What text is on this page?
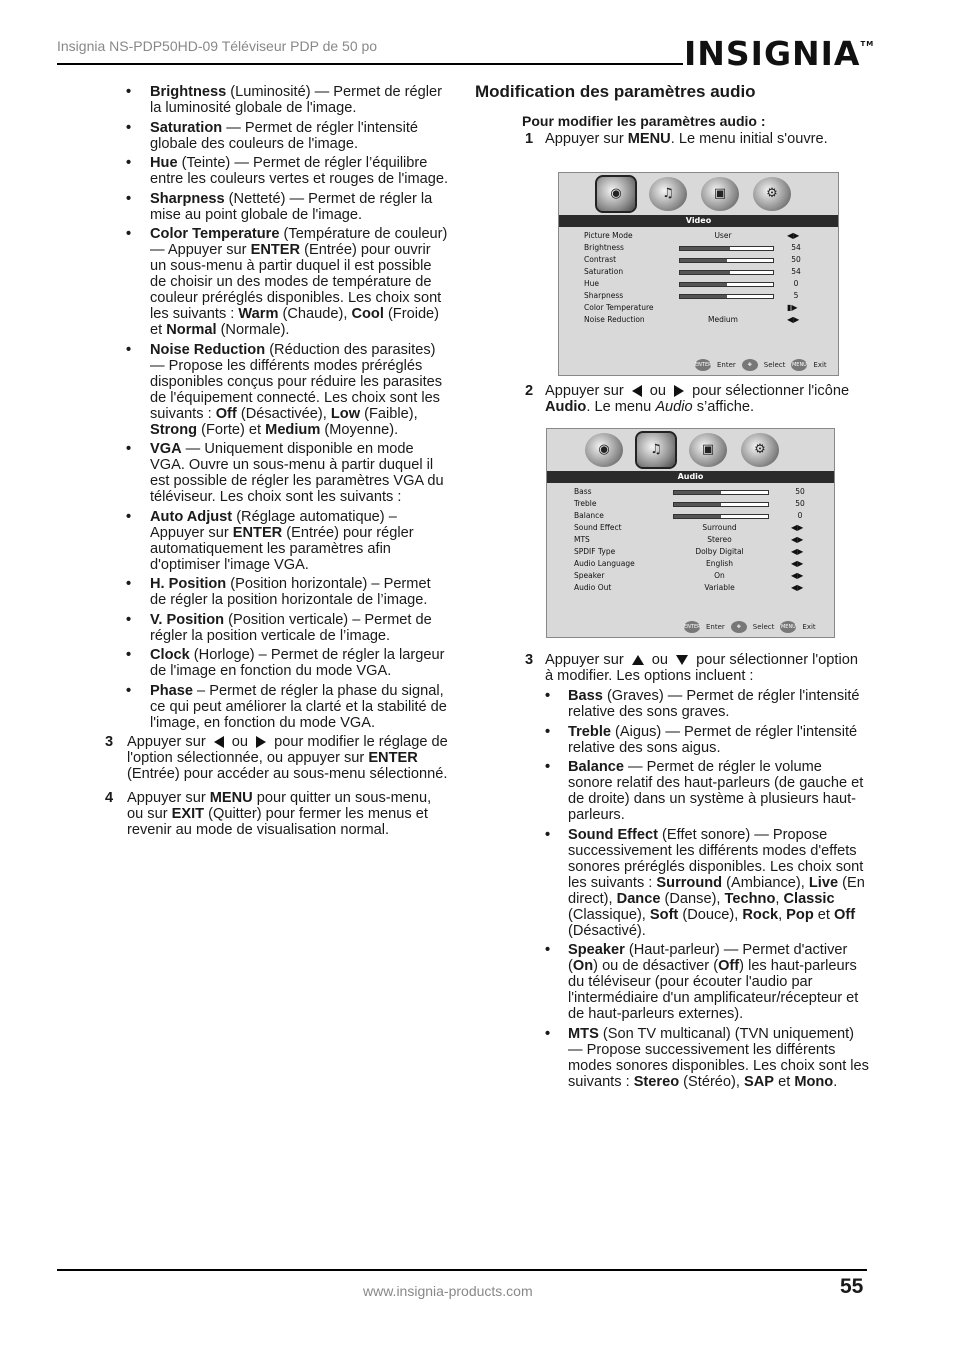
Insignia NS-PDP50HD-09 Téléviseur PDP de 50 po	INSIGNIA™
• Brightness (Luminosité) — Permet de régler la luminosité globale de l'image.
• Saturation — Permet de régler l'intensité globale des couleurs de l'image.
• Hue (Teinte) — Permet de régler l’équilibre entre les couleurs vertes et rouges de l'image.
• Sharpness (Netteté) — Permet de régler la mise au point globale de l'image.
• Color Temperature (Température de couleur) — Appuyer sur ENTER (Entrée) pour ouvrir un sous-menu à partir duquel il est possible de choisir un des modes de température de couleur préréglés disponibles. Les choix sont les suivants : Warm (Chaude), Cool (Froide) et Normal (Normale).
• Noise Reduction (Réduction des parasites) — Propose les différents modes préréglés disponibles conçus pour réduire les parasites de l'équipement connecté. Les choix sont les suivants : Off (Désactivée), Low (Faible), Strong (Forte) et Medium (Moyenne).
• VGA — Uniquement disponible en mode VGA. Ouvre un sous-menu à partir duquel il est possible de régler les paramètres VGA du téléviseur. Les choix sont les suivants :
• Auto Adjust (Réglage automatique) – Appuyer sur ENTER (Entrée) pour régler automatiquement les paramètres afin d'optimiser l'image VGA.
• H. Position (Position horizontale) – Permet de régler la position horizontale de l’image.
• V. Position (Position verticale) – Permet de régler la position verticale de l’image.
• Clock (Horloge) – Permet de régler la largeur de l'image en fonction du mode VGA.
• Phase – Permet de régler la phase du signal, ce qui peut améliorer la clarté et la stabilité de l'image, en fonction du mode VGA.
3 Appuyer sur  ou  pour modifier le réglage de l'option sélectionnée, ou appuyer sur ENTER (Entrée) pour accéder au sous-menu sélectionné.
4 Appuyer sur MENU pour quitter un sous-menu, ou sur EXIT (Quitter) pour fermer les menus et revenir au mode de visualisation normal.
Modification des paramètres audio
Pour modifier les paramètres audio :
1 Appuyer sur MENU. Le menu initial s'ouvre.
2 Appuyer sur  ou  pour sélectionner l'icône Audio. Le menu Audio s’affiche.
3 Appuyer sur  ou  pour sélectionner l'option à modifier. Les options incluent :
• Bass (Graves) — Permet de régler l'intensité relative des sons graves.
• Treble (Aigus) — Permet de régler l'intensité relative des sons aigus.
• Balance — Permet de régler le volume sonore relatif des haut-parleurs (de gauche et de droite) dans un système à plusieurs haut-parleurs.
• Sound Effect (Effet sonore) — Propose successivement les différents modes d'effets sonores préréglés disponibles. Les choix sont les suivants : Surround (Ambiance), Live (En direct), Dance (Danse), Techno, Classic (Classique), Soft (Douce), Rock, Pop et Off (Désactivé).
• Speaker (Haut-parleur) — Permet d'activer (On) ou de désactiver (Off) les haut-parleurs du téléviseur (pour écouter l'audio par l'intermédiaire d'un amplificateur/récepteur et de haut-parleurs externes).
• MTS (Son TV multicanal) (TVN uniquement) — Propose successivement les différents modes sonores disponibles. Les choix sont les suivants : Stereo (Stéréo), SAP et Mono.
◉	♫	▣	⚙
Video
Picture Mode	User	◀▶
Brightness	54
Contrast	50
Saturation	54
Hue	0
Sharpness	5
Color Temperature	▮▶
Noise Reduction	Medium	◀▶
ENTER Enter	✥	Select MENU Exit
◉	♫	▣	⚙
Audio
Bass	50
Treble	50
Balance	0
Sound Effect	Surround	◀▶
MTS	Stereo	◀▶
SPDIF Type	Dolby Digital	◀▶
Audio Language	English	◀▶
Speaker	On	◀▶
Audio Out	Variable	◀▶
ENTER Enter	✥	Select MENU Exit
www.insignia-products.com	55
